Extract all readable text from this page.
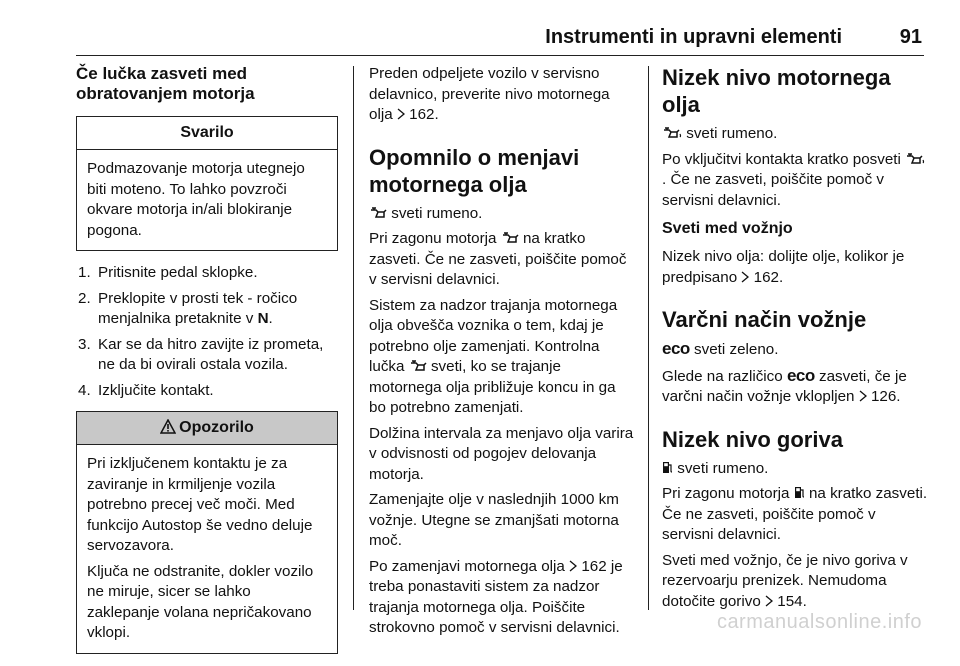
Instrumenti in upravni elementi	91
Če lučka zasveti med obratovanjem motorja
Svarilo

Podmazovanje motorja utegnejo biti moteno. To lahko povzroči okvare motorja in/ali blokiranje pogona.

1. Pritisnite pedal sklopke.
2. Preklopite v prosti tek - ročico menjalnika pretaknite v N.
3. Kar se da hitro zavijte iz prometa, ne da bi ovirali ostala vozila.
4. Izključite kontakt.
Opozorilo

Pri izključenem kontaktu je za zaviranje in krmiljenje vozila potrebno precej več moči. Med funkcijo Autostop še vedno deluje servozavora.

Ključa ne odstranite, dokler vozilo ne miruje, sicer se lahko zaklepanje volana nepričakovano vklopi.

Preden odpeljete vozilo v servisno delavnico, preverite nivo motornega olja 162.

Opomnilo o menjavi motornega olja

sveti rumeno.

Pri zagonu motorja na kratko zasveti. Če ne zasveti, poiščite pomoč v servisni delavnici.

Sistem za nadzor trajanja motornega olja obvešča voznika o tem, kdaj je potrebno olje zamenjati. Kontrolna lučka sveti, ko se trajanje motornega olja približuje koncu in ga bo potrebno zamenjati.

Dolžina intervala za menjavo olja varira v odvisnosti od pogojev delovanja motorja.

Zamenjajte olje v naslednjih 1000 km vožnje. Utegne se zmanjšati motorna moč.

Po zamenjavi motornega olja 162 je treba ponastaviti sistem za nadzor trajanja motornega olja. Poiščite strokovno pomoč v servisni delavnici.

Nizek nivo motornega olja

sveti rumeno.

Po vključitvi kontakta kratko posveti . Če ne zasveti, poiščite pomoč v servisni delavnici.

Sveti med vožnjo

Nizek nivo olja: dolijte olje, kolikor je predpisano 162.

Varčni način vožnje

eco sveti zeleno.

Glede na različico eco zasveti, če je varčni način vožnje vklopljen 126.

Nizek nivo goriva

sveti rumeno.

Pri zagonu motorja na kratko zasveti. Če ne zasveti, poiščite pomoč v servisni delavnici.

Sveti med vožnjo, če je nivo goriva v rezervoarju prenizek. Nemudoma dotočite gorivo 154.

carmanualsonline.info
